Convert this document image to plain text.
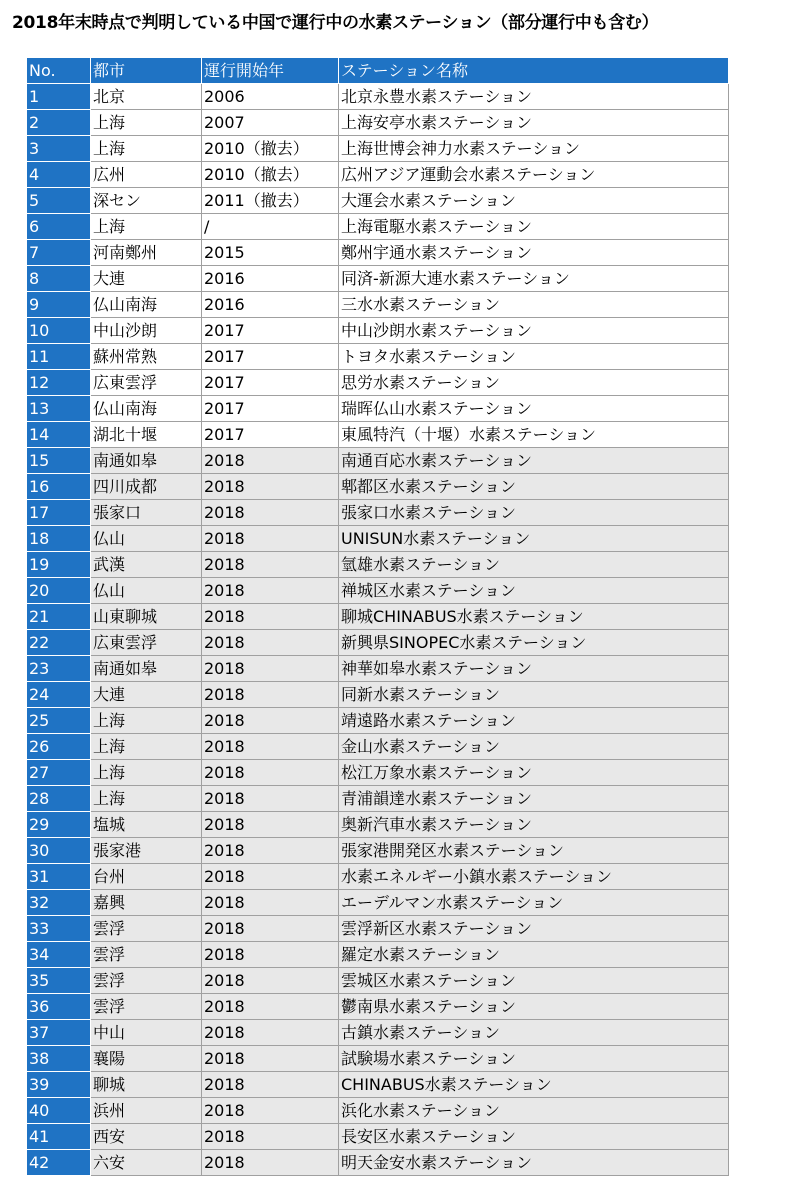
2018年末時点で判明している中国で運行中の水素ステーション（部分運行中も含む）
No.	都市	運行開始年	ステーション名称
1	北京	2006	北京永豊水素ステーション
2	上海	2007	上海安亭水素ステーション
3	上海	2010（撤去）	上海世博会神力水素ステーション
4	広州	2010（撤去）	広州アジア運動会水素ステーション
5	深セン	2011（撤去）	大運会水素ステーション
6	上海	/	上海電駆水素ステーション
7	河南鄭州	2015	鄭州宇通水素ステーション
8	大連	2016	同済-新源大連水素ステーション
9	仏山南海	2016	三水水素ステーション
10	中山沙朗	2017	中山沙朗水素ステーション
11	蘇州常熟	2017	トヨタ水素ステーション
12	広東雲浮	2017	思労水素ステーション
13	仏山南海	2017	瑞晖仏山水素ステーション
14	湖北十堰	2017	東風特汽（十堰）水素ステーション
15	南通如皋	2018	南通百応水素ステーション
16	四川成都	2018	郫都区水素ステーション
17	張家口	2018	張家口水素ステーション
18	仏山	2018	UNISUN水素ステーション
19	武漢	2018	氫雄水素ステーション
20	仏山	2018	禅城区水素ステーション
21	山東聊城	2018	聊城CHINABUS水素ステーション
22	広東雲浮	2018	新興県SINOPEC水素ステーション
23	南通如皋	2018	神華如皋水素ステーション
24	大連	2018	同新水素ステーション
25	上海	2018	靖遠路水素ステーション
26	上海	2018	金山水素ステーション
27	上海	2018	松江万象水素ステーション
28	上海	2018	青浦韻達水素ステーション
29	塩城	2018	奥新汽車水素ステーション
30	張家港	2018	張家港開発区水素ステーション
31	台州	2018	水素エネルギー小鎮水素ステーション
32	嘉興	2018	エーデルマン水素ステーション
33	雲浮	2018	雲浮新区水素ステーション
34	雲浮	2018	羅定水素ステーション
35	雲浮	2018	雲城区水素ステーション
36	雲浮	2018	鬱南県水素ステーション
37	中山	2018	古鎮水素ステーション
38	襄陽	2018	試験場水素ステーション
39	聊城	2018	CHINABUS水素ステーション
40	浜州	2018	浜化水素ステーション
41	西安	2018	長安区水素ステーション
42	六安	2018	明天金安水素ステーション
